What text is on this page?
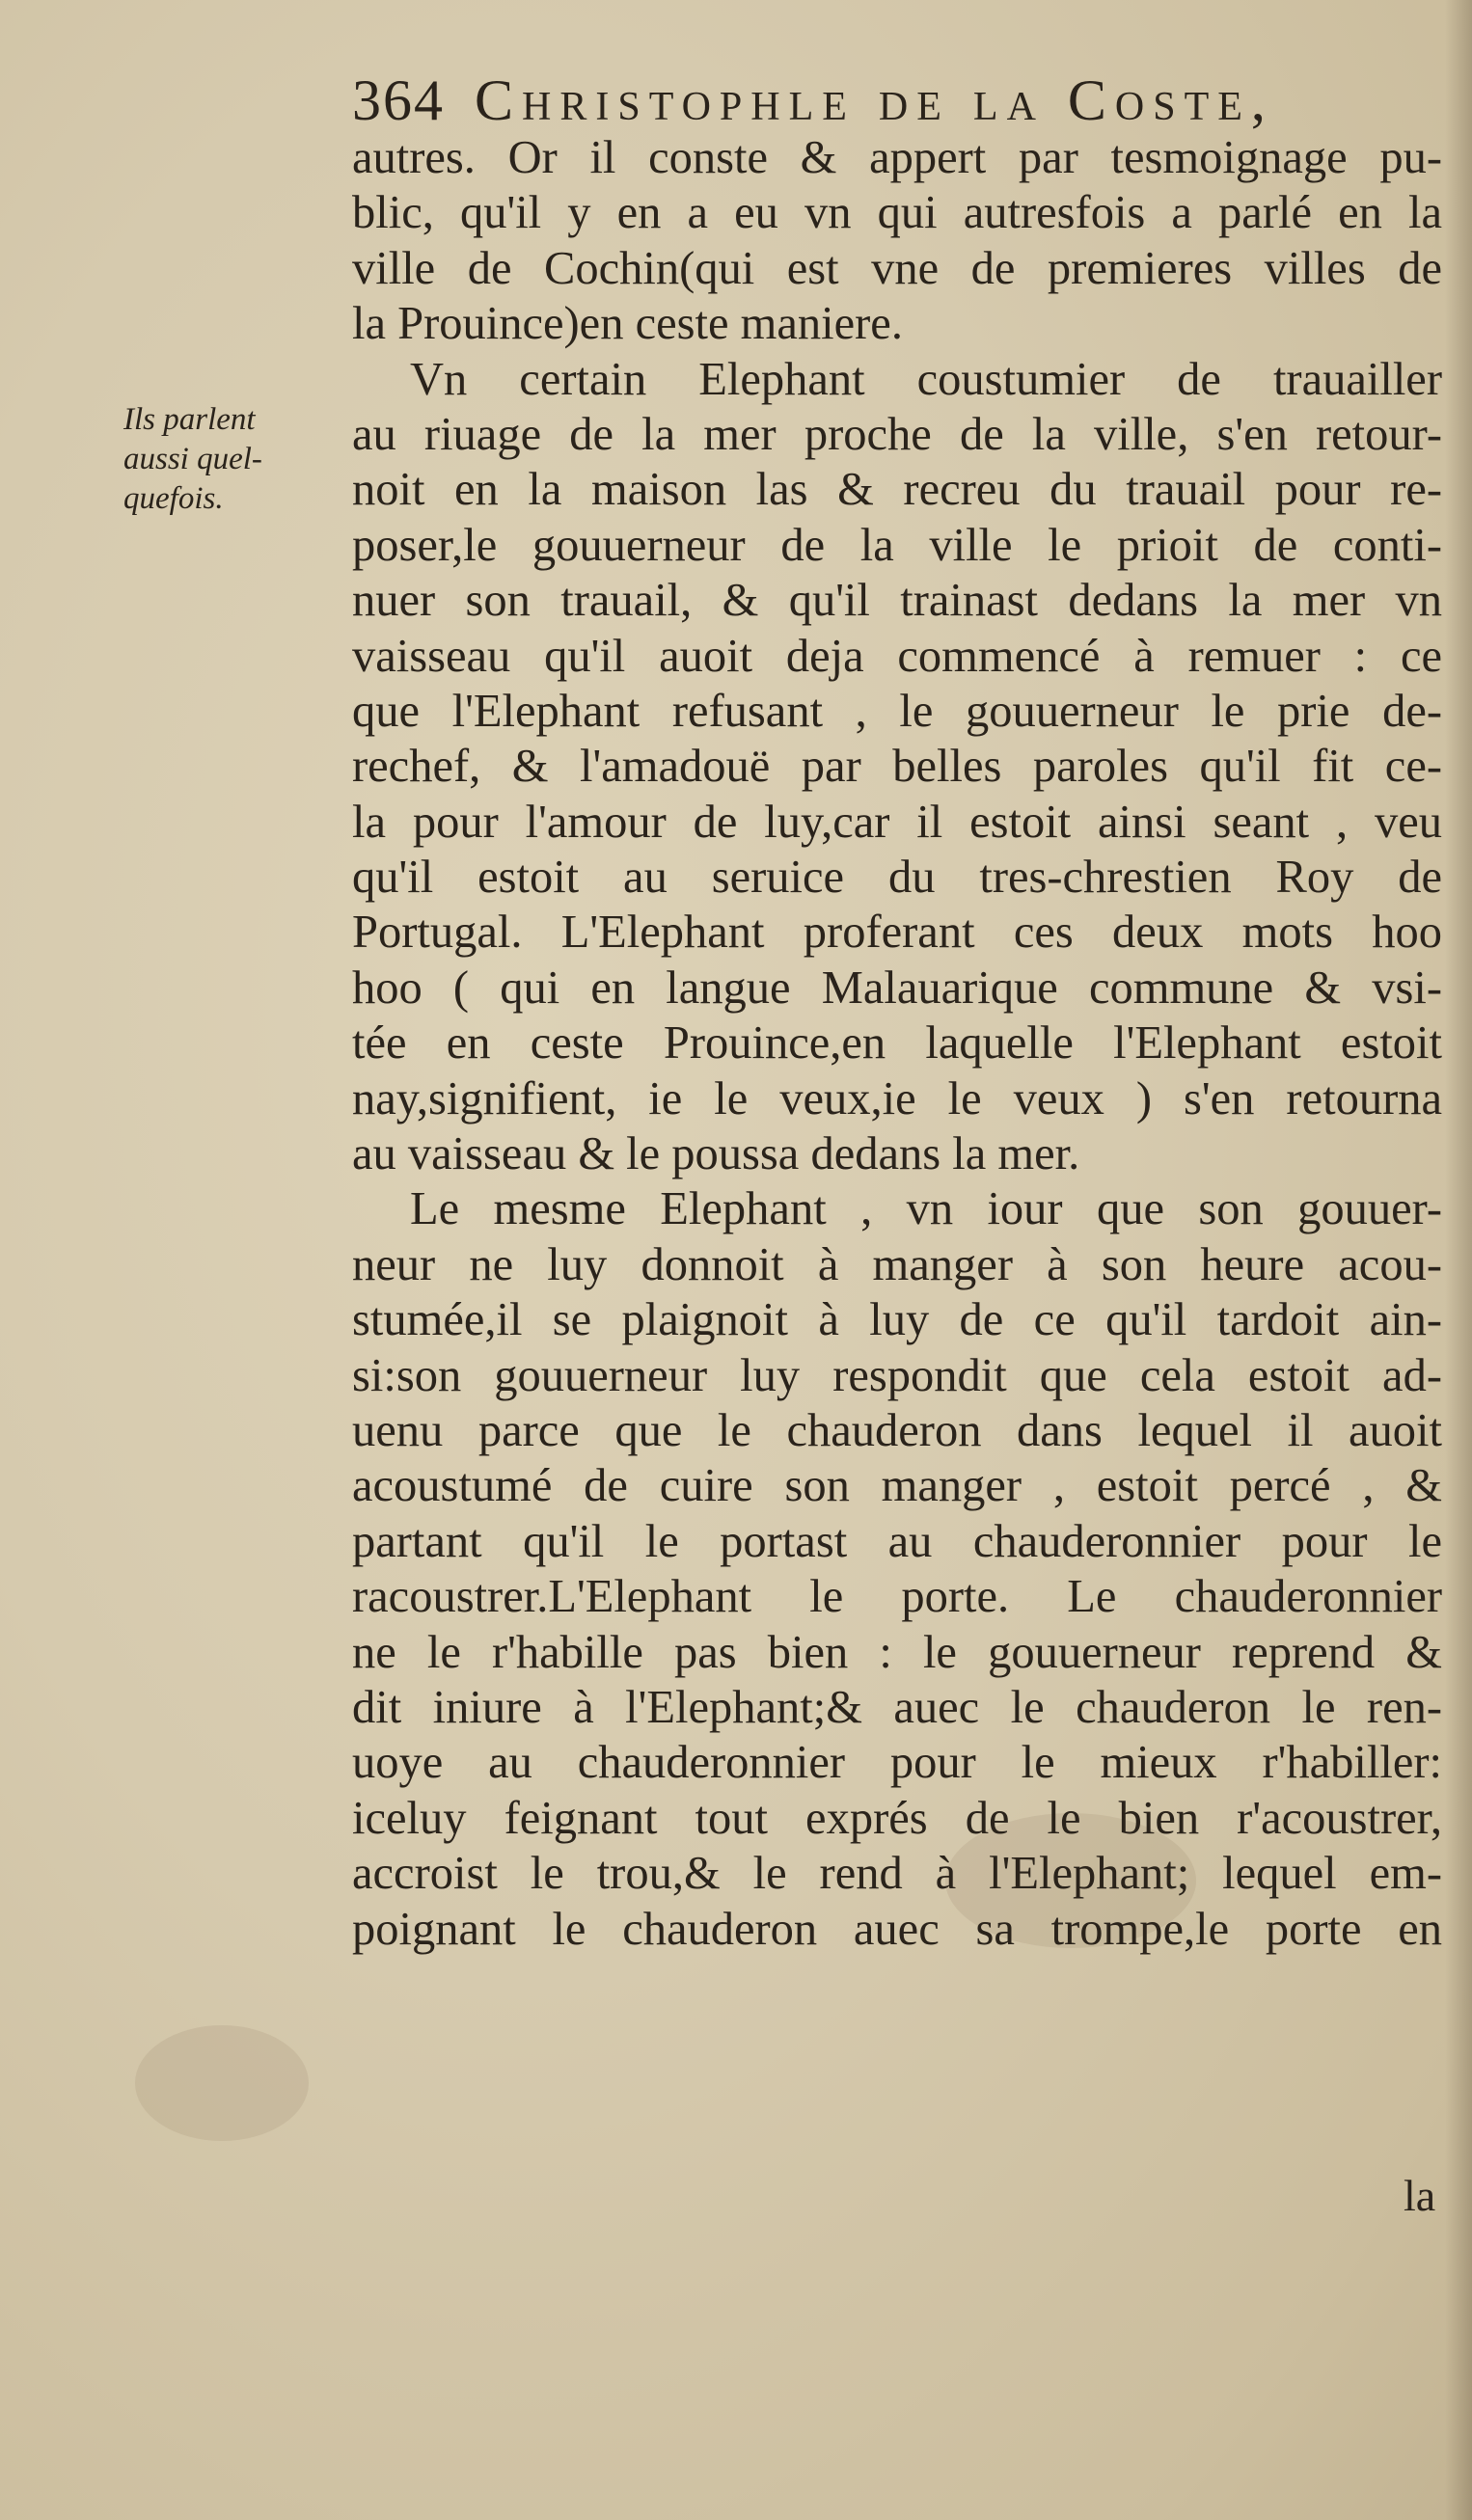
364 Christophle de la Coste,
Ils parlent
aussi quel-
quefois.
autres. Or il conste & appert par tesmoignage pu-
blic, qu'il y en a eu vn qui autresfois a parlé en la
ville de Cochin(qui est vne de premieres villes de
la Prouince)en ceste maniere.
Vn certain Elephant coustumier de trauailler
au riuage de la mer proche de la ville, s'en retour-
noit en la maison las & recreu du trauail pour re-
poser,le gouuerneur de la ville le prioit de conti-
nuer son trauail, & qu'il trainast dedans la mer vn
vaisseau qu'il auoit deja commencé à remuer : ce
que l'Elephant refusant , le gouuerneur le prie de-
rechef, & l'amadouë par belles paroles qu'il fit ce-
la pour l'amour de luy,car il estoit ainsi seant , veu
qu'il estoit au seruice du tres-chrestien Roy de
Portugal. L'Elephant proferant ces deux mots hoo
hoo ( qui en langue Malauarique commune & vsi-
tée en ceste Prouince,en laquelle l'Elephant estoit
nay,signifient, ie le veux,ie le veux ) s'en retourna
au vaisseau & le poussa dedans la mer.
Le mesme Elephant , vn iour que son gouuer-
neur ne luy donnoit à manger à son heure acou-
stumée,il se plaignoit à luy de ce qu'il tardoit ain-
si:son gouuerneur luy respondit que cela estoit ad-
uenu parce que le chauderon dans lequel il auoit
acoustumé de cuire son manger , estoit percé , &
partant qu'il le portast au chauderonnier pour le
racoustrer.L'Elephant le porte. Le chauderonnier
ne le r'habille pas bien : le gouuerneur reprend &
dit iniure à l'Elephant;& auec le chauderon le ren-
uoye au chauderonnier pour le mieux r'habiller:
iceluy feignant tout exprés de le bien r'acoustrer,
accroist le trou,& le rend à l'Elephant; lequel em-
poignant le chauderon auec sa trompe,le porte en
la
